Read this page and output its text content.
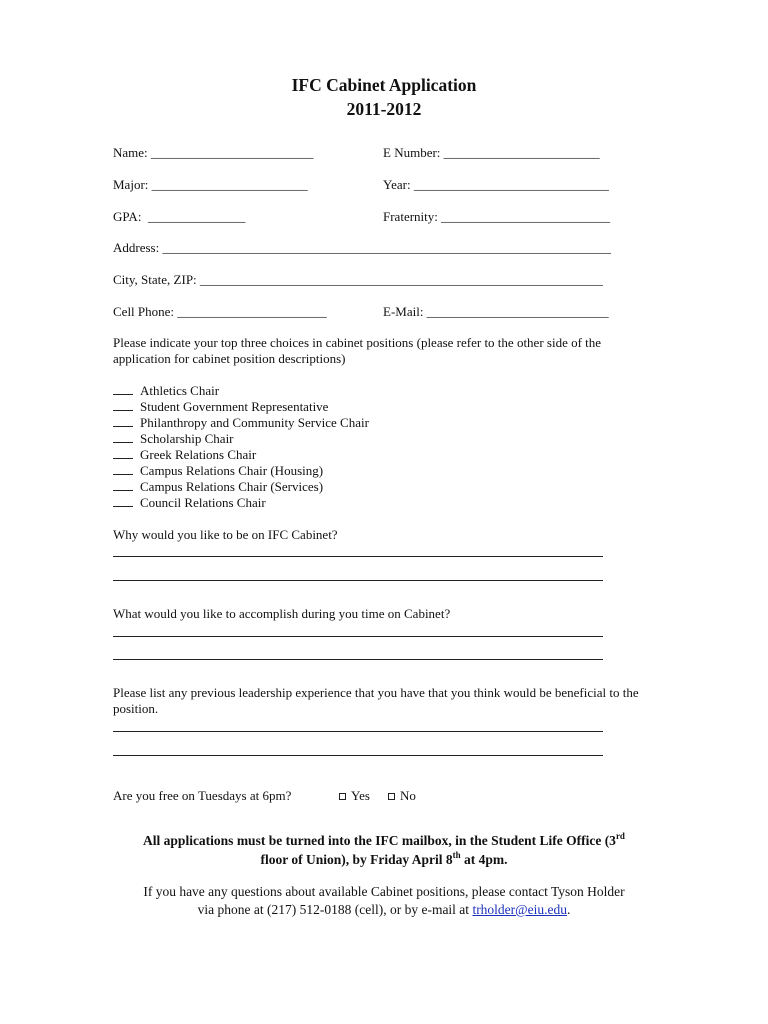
IFC Cabinet Application
2011-2012
Name: _________________________	E Number: ________________________
Major: ________________________	Year: ______________________________
GPA:  _______________	Fraternity: __________________________
Address: _____________________________________________________________________
City, State, ZIP: ______________________________________________________________
Cell Phone: _______________________	E-Mail: ____________________________
Please indicate your top three choices in cabinet positions (please refer to the other side of the application for cabinet position descriptions)
Athletics Chair
Student Government Representative
Philanthropy and Community Service Chair
Scholarship Chair
Greek Relations Chair
Campus Relations Chair (Housing)
Campus Relations Chair (Services)
Council Relations Chair
Why would you like to be on IFC Cabinet?
What would you like to accomplish during you time on Cabinet?
Please list any previous leadership experience that you have that you think would be beneficial to the position.
Are you free on Tuesdays at 6pm?	Yes	No
All applications must be turned into the IFC mailbox, in the Student Life Office (3rd
floor of Union), by Friday April 8th at 4pm.
If you have any questions about available Cabinet positions, please contact Tyson Holder
via phone at (217) 512-0188 (cell), or by e-mail at trholder@eiu.edu.
